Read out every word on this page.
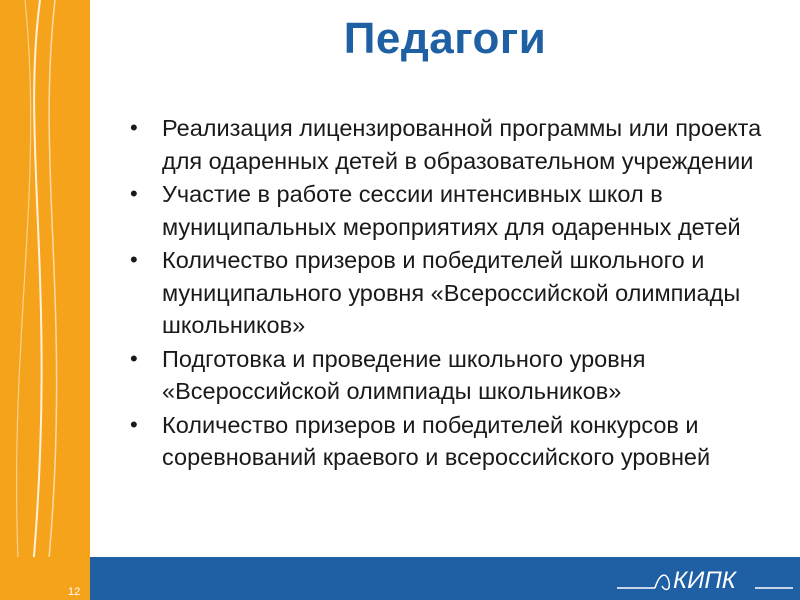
Педагоги
• Реализация лицензированной программы или проекта для одаренных детей в образовательном учреждении
• Участие в работе сессии интенсивных школ в муниципальных мероприятиях для одаренных детей
• Количество призеров и победителей школьного и муниципального уровня «Всероссийской олимпиады школьников»
• Подготовка и проведение школьного уровня «Всероссийской олимпиады школьников»
• Количество призеров и победителей конкурсов и соревнований краевого и всероссийского уровней
12	КИПК
